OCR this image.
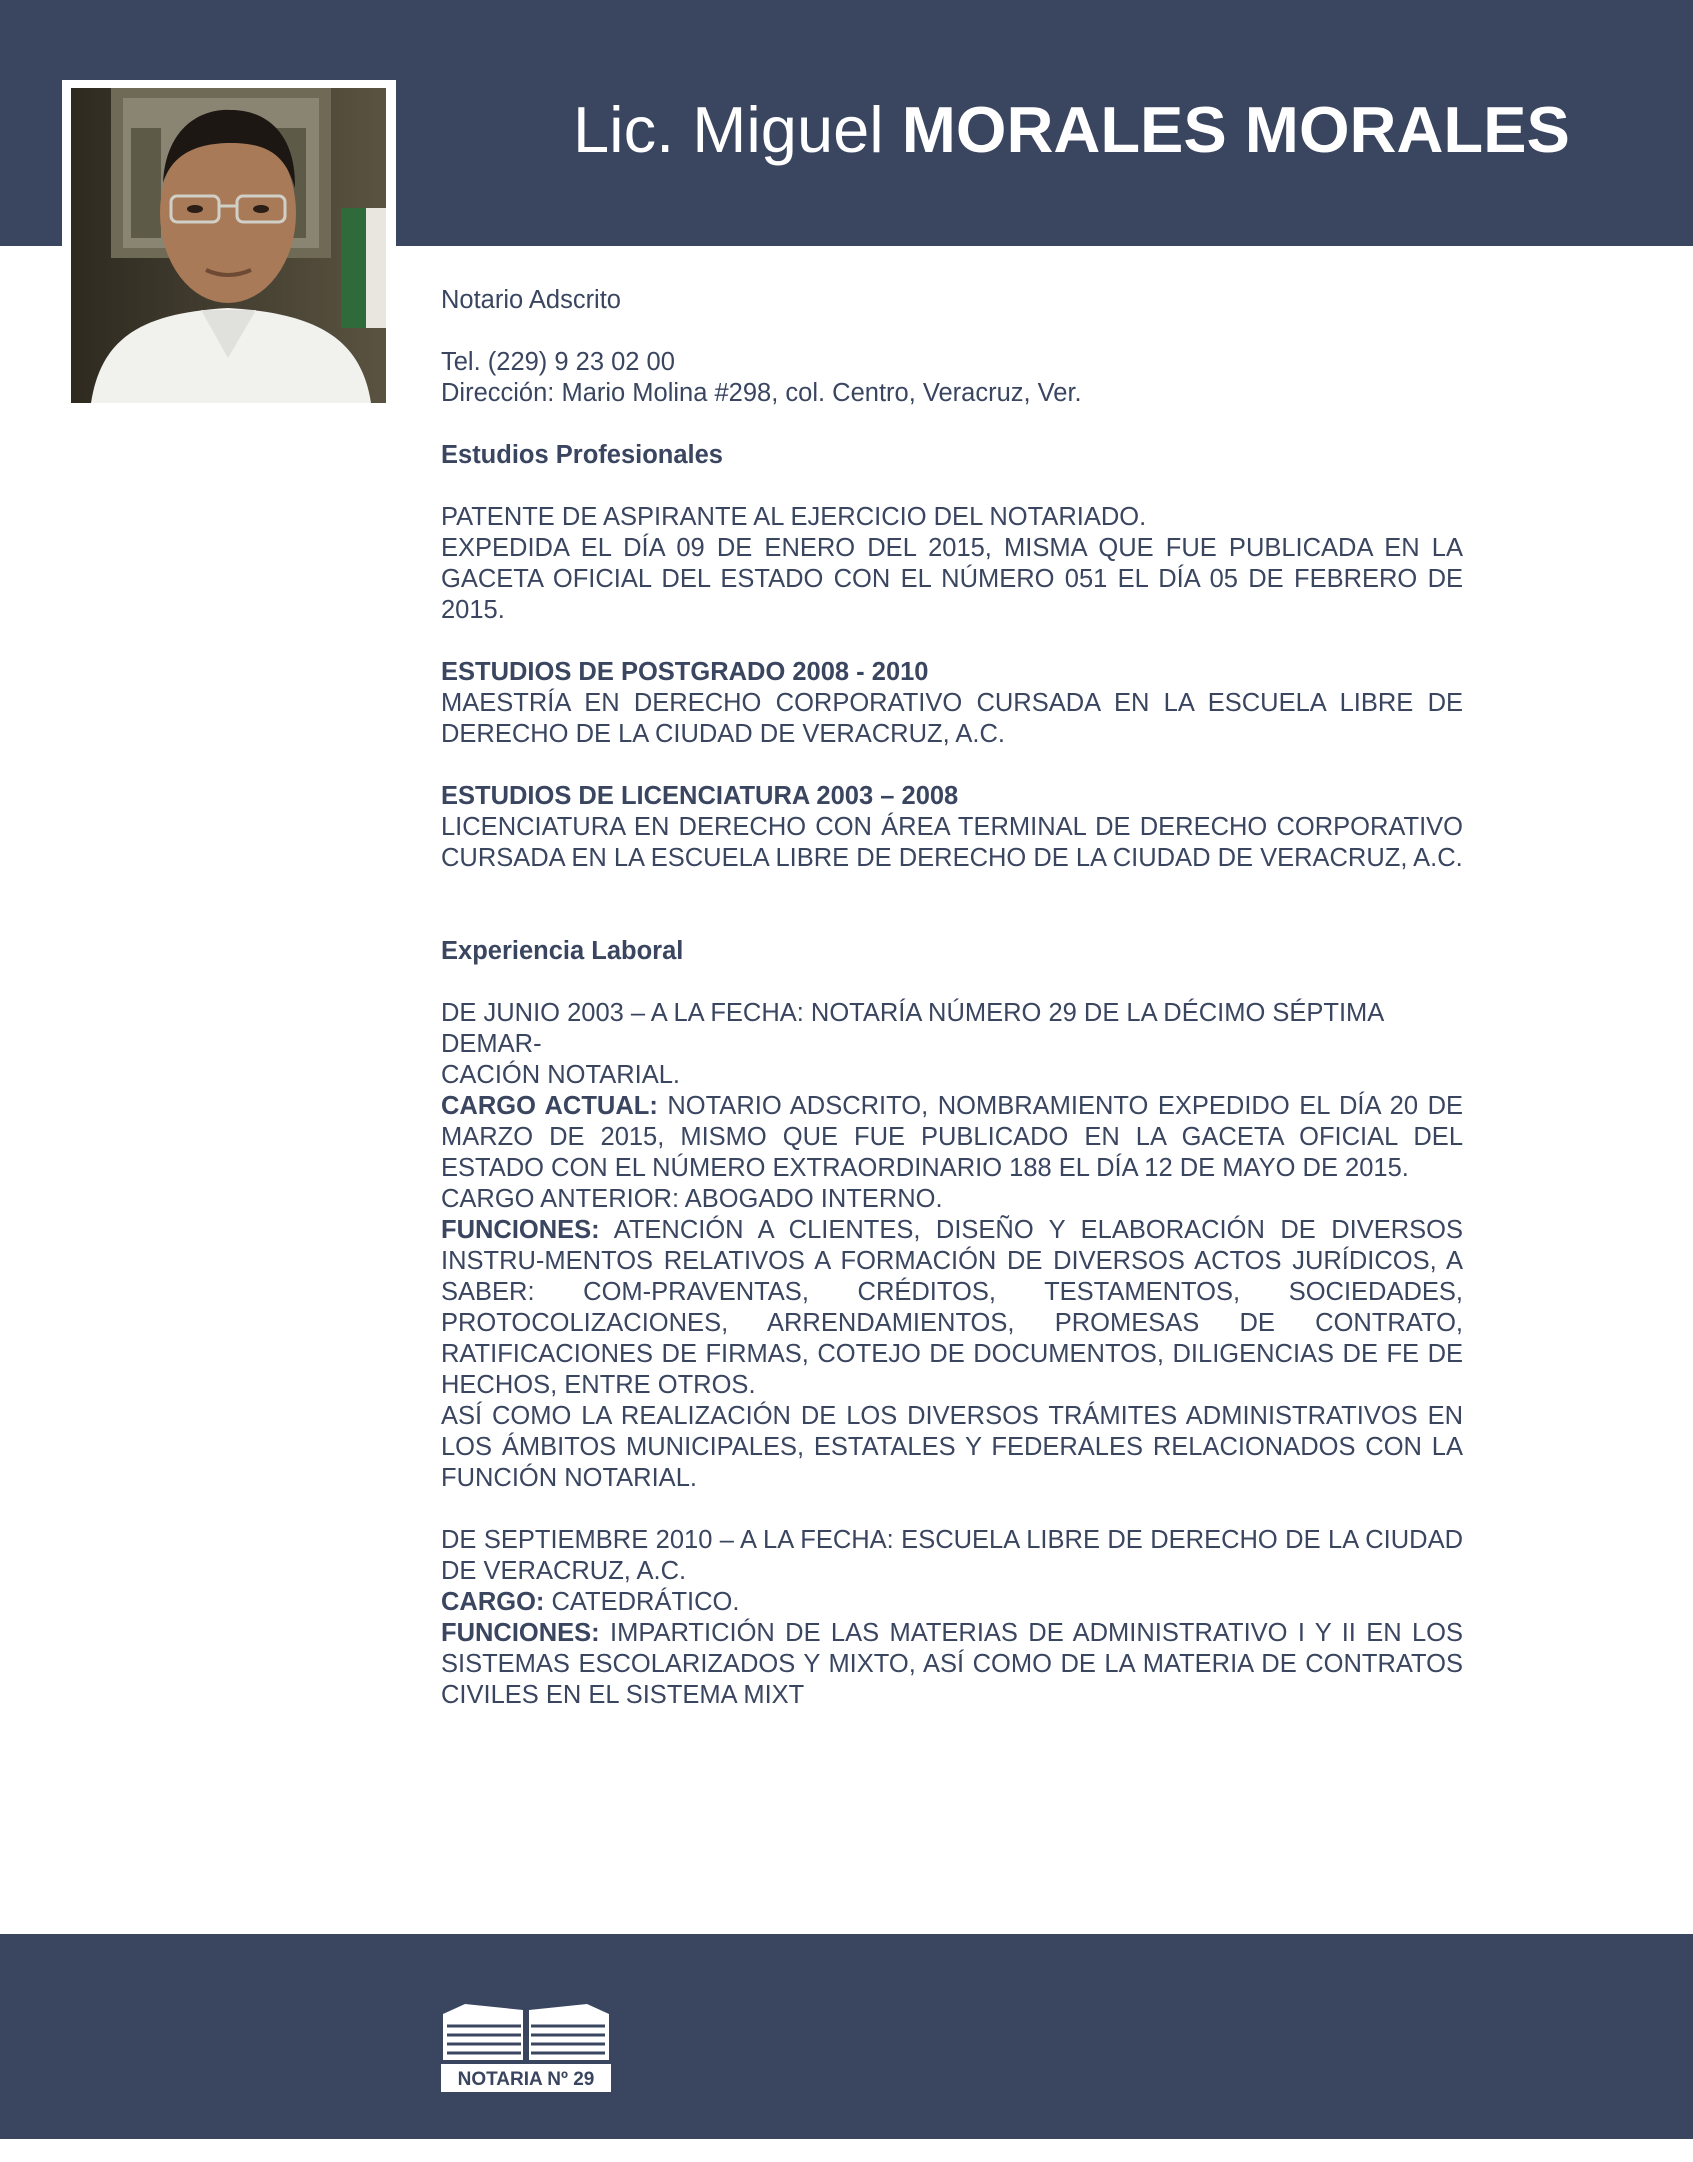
Lic. Miguel MORALES MORALES

Notario Adscrito

Tel. (229) 9 23 02 00

Dirección: Mario Molina #298, col. Centro, Veracruz, Ver.

Estudios Profesionales

PATENTE DE ASPIRANTE AL EJERCICIO DEL NOTARIADO.

EXPEDIDA EL DÍA 09 DE ENERO DEL 2015, MISMA QUE FUE PUBLICADA EN LA GACETA OFICIAL DEL ESTADO CON EL NÚMERO 051 EL DÍA 05 DE FEBRERO DE 2015.

ESTUDIOS DE POSTGRADO 2008 - 2010

MAESTRÍA EN DERECHO CORPORATIVO CURSADA EN LA ESCUELA LIBRE DE DERECHO DE LA CIUDAD DE VERACRUZ, A.C.

ESTUDIOS DE LICENCIATURA 2003 – 2008

LICENCIATURA EN DERECHO CON ÁREA TERMINAL DE DERECHO CORPORATIVO CURSADA EN LA ESCUELA LIBRE DE DERECHO DE LA CIUDAD DE VERACRUZ, A.C.

Experiencia Laboral

DE JUNIO 2003 – A LA FECHA: NOTARÍA NÚMERO 29 DE LA DÉCIMO SÉPTIMA DEMAR-

CACIÓN NOTARIAL.

CARGO ACTUAL: NOTARIO ADSCRITO, NOMBRAMIENTO EXPEDIDO EL DÍA 20 DE MARZO DE 2015, MISMO QUE FUE PUBLICADO EN LA GACETA OFICIAL DEL ESTADO CON EL NÚMERO EXTRAORDINARIO 188 EL DÍA 12 DE MAYO DE 2015.

CARGO ANTERIOR: ABOGADO INTERNO.

FUNCIONES: ATENCIÓN A CLIENTES, DISEÑO Y ELABORACIÓN DE DIVERSOS INSTRU-MENTOS RELATIVOS A FORMACIÓN DE DIVERSOS ACTOS JURÍDICOS, A SABER: COM-PRAVENTAS, CRÉDITOS, TESTAMENTOS, SOCIEDADES, PROTOCOLIZACIONES, ARRENDAMIENTOS, PROMESAS DE CONTRATO, RATIFICACIONES DE FIRMAS, COTEJO DE DOCUMENTOS, DILIGENCIAS DE FE DE HECHOS, ENTRE OTROS.

ASÍ COMO LA REALIZACIÓN DE LOS DIVERSOS TRÁMITES ADMINISTRATIVOS EN LOS ÁMBITOS MUNICIPALES, ESTATALES Y FEDERALES RELACIONADOS CON LA FUNCIÓN NOTARIAL.

DE SEPTIEMBRE 2010 – A LA FECHA: ESCUELA LIBRE DE DERECHO DE LA CIUDAD DE VERACRUZ, A.C.

CARGO: CATEDRÁTICO.

FUNCIONES: IMPARTICIÓN DE LAS MATERIAS DE ADMINISTRATIVO I Y II EN LOS SISTEMAS ESCOLARIZADOS Y MIXTO, ASÍ COMO DE LA MATERIA DE CONTRATOS CIVILES EN EL SISTEMA MIXT

NOTARIA Nº 29
